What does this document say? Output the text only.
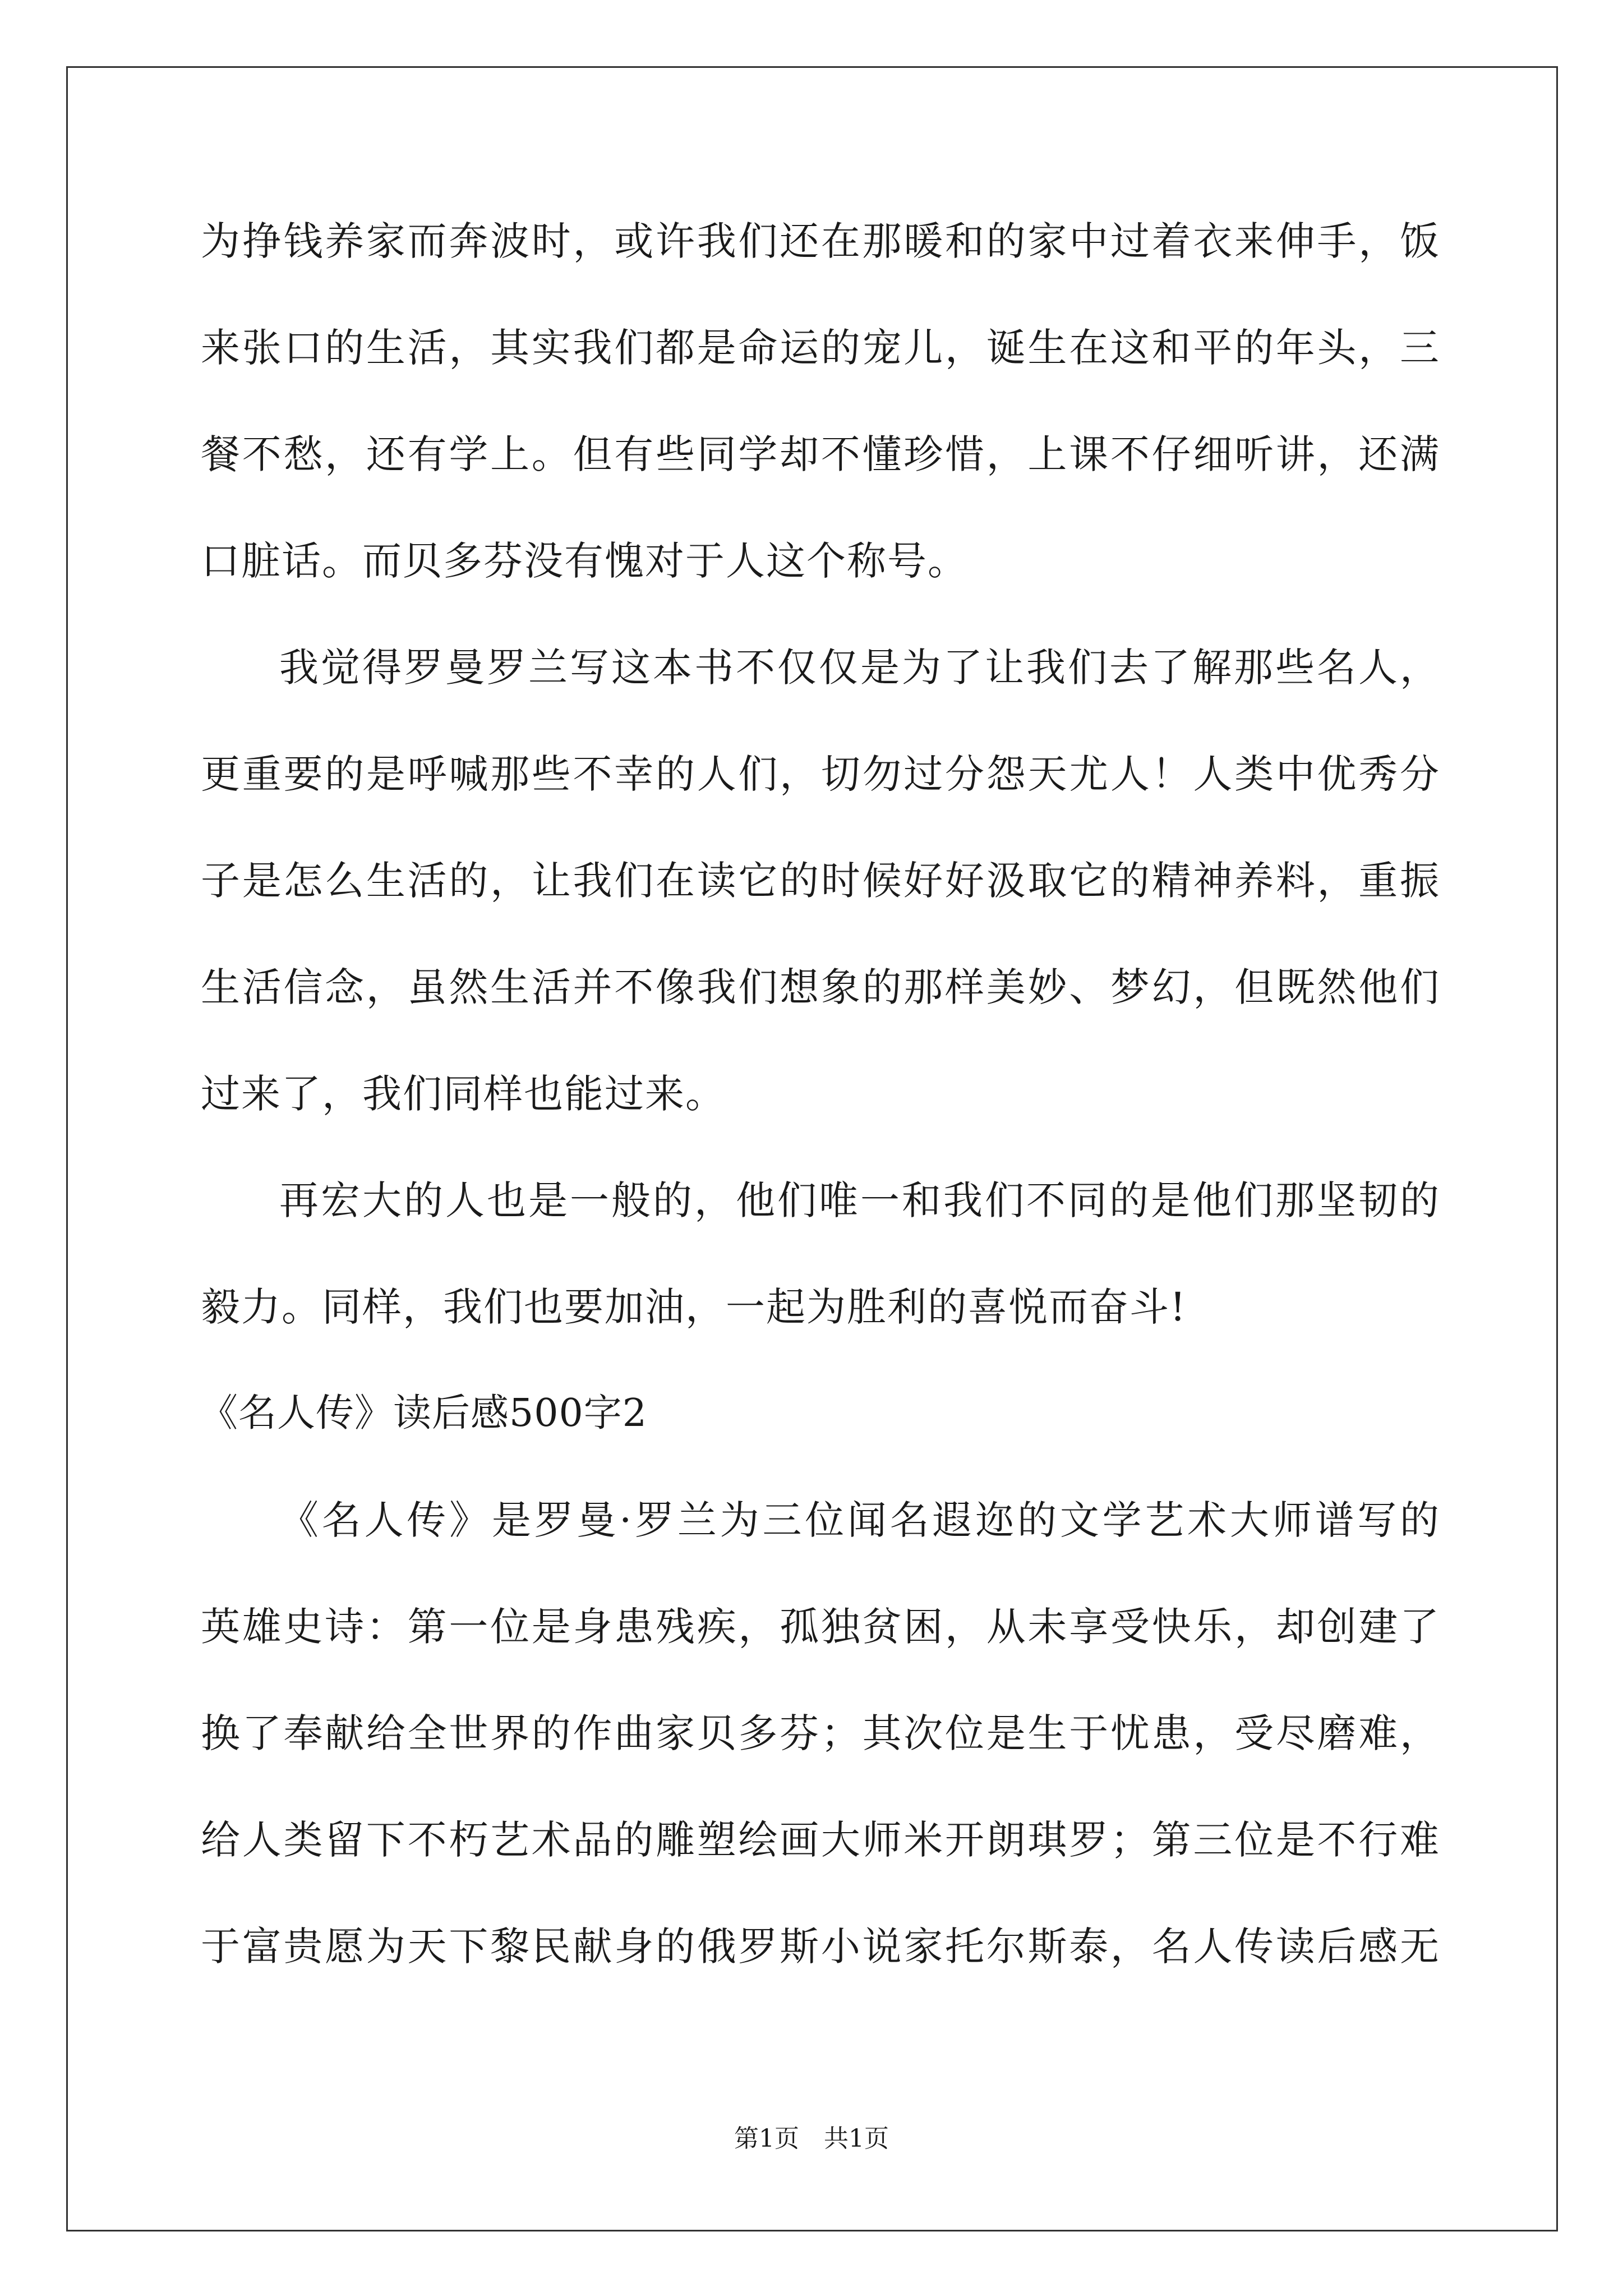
为挣钱养家而奔波时，或许我们还在那暖和的家中过着衣来伸手，饭
来张口的生活，其实我们都是命运的宠儿，诞生在这和平的年头，三
餐不愁，还有学上。但有些同学却不懂珍惜，上课不仔细听讲，还满
口脏话。而贝多芬没有愧对于人这个称号。
我觉得罗曼罗兰写这本书不仅仅是为了让我们去了解那些名人，
更重要的是呼喊那些不幸的人们，切勿过分怨天尤人！人类中优秀分
子是怎么生活的，让我们在读它的时候好好汲取它的精神养料，重振
生活信念，虽然生活并不像我们想象的那样美妙、梦幻，但既然他们
过来了，我们同样也能过来。
再宏大的人也是一般的，他们唯一和我们不同的是他们那坚韧的
毅力。同样，我们也要加油，一起为胜利的喜悦而奋斗!
《名人传》读后感500字2
《名人传》是罗曼·罗兰为三位闻名遐迩的文学艺术大师谱写的
英雄史诗：第一位是身患残疾，孤独贫困，从未享受快乐，却创建了
换了奉献给全世界的作曲家贝多芬；其次位是生于忧患，受尽磨难，
给人类留下不朽艺术品的雕塑绘画大师米开朗琪罗；第三位是不行难
于富贵愿为天下黎民献身的俄罗斯小说家托尔斯泰，名人传读后感无
第1页 共1页
